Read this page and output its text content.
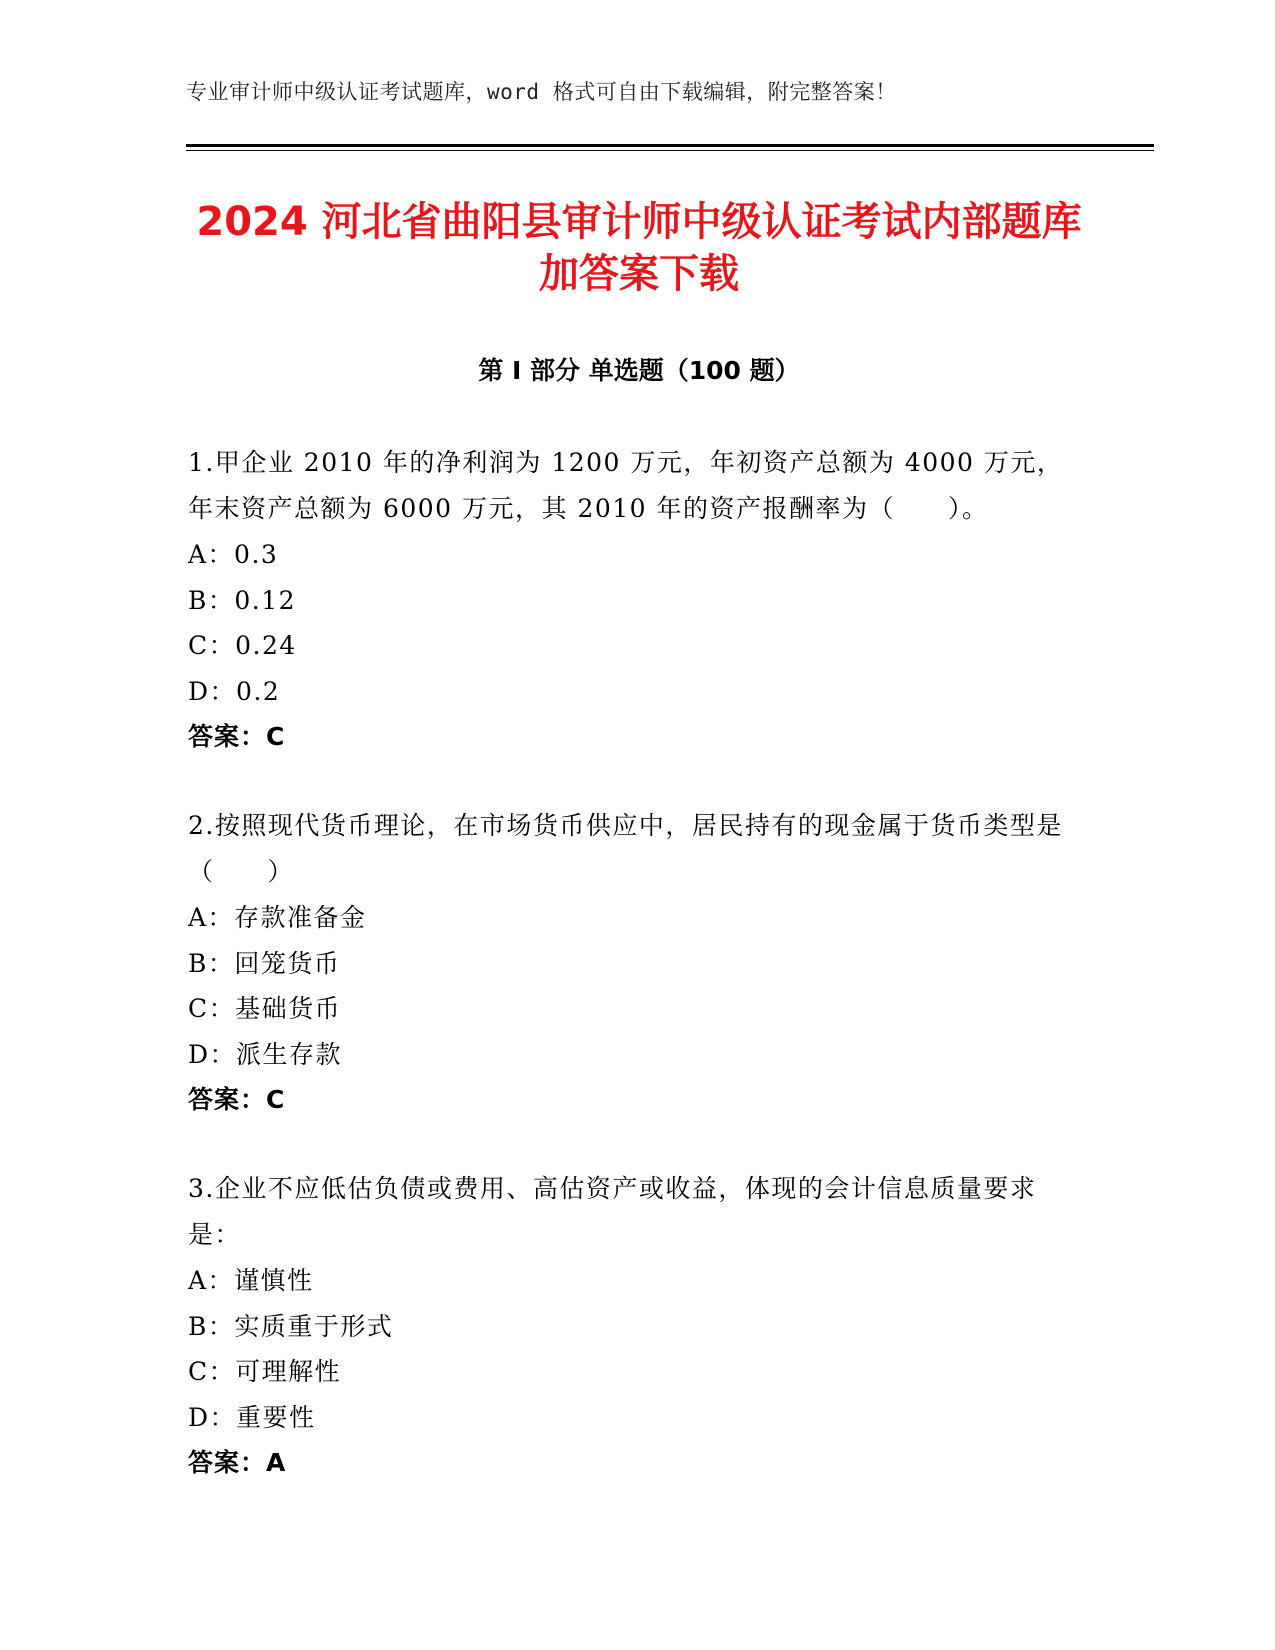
专业审计师中级认证考试题库，word 格式可自由下载编辑，附完整答案！
2024 河北省曲阳县审计师中级认证考试内部题库加答案下载
第 I 部分 单选题（100 题）

1.甲企业 2010 年的净利润为 1200 万元，年初资产总额为 4000 万元，年末资产总额为 6000 万元，其 2010 年的资产报酬率为（　　）。

A：0.3

B：0.12

C：0.24

D：0.2

答案：C

2.按照现代货币理论，在市场货币供应中，居民持有的现金属于货币类型是（　　）

A：存款准备金

B：回笼货币

C：基础货币

D：派生存款

答案：C

3.企业不应低估负债或费用、高估资产或收益，体现的会计信息质量要求是：

A：谨慎性

B：实质重于形式

C：可理解性

D：重要性

答案：A
